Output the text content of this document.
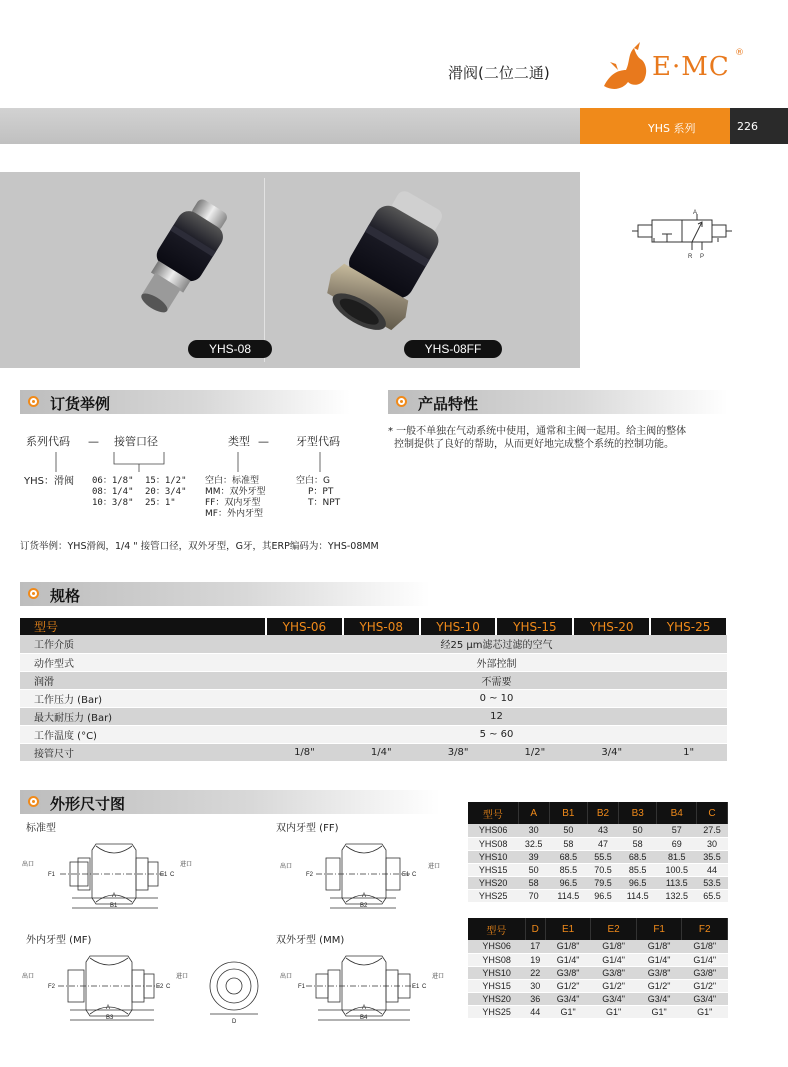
滑阀(二位二通)	E·MC ®
YHS 系列	226
YHS-08	YHS-08FF
A
R P
订货举例
系列代码 — 接管口径	类型 — 牙型代码
YHS：滑阀 06：1/8"
08：1/4"
10：3/8"
15：1/2"
20：3/4"
25：1"
空白：标准型
MM：双外牙型
FF：双内牙型
MF：外内牙型
空白：G
P：PT
T：NPT
订货举例：YHS滑阀，1/4 " 接管口径，双外牙型，G牙，其ERP编码为：YHS-08MM
产品特性
* 一般不单独在气动系统中使用，通常和主阀一起用。给主阀的整体
控制提供了良好的帮助，从而更好地完成整个系统的控制功能。
规格
型号	YHS-06	YHS-08	YHS-10	YHS-15	YHS-20	YHS-25
工作介质	经25 μm滤芯过滤的空气					
动作型式	外部控制					
润滑	不需要					
工作压力 (Bar)	0 ~ 10					
最大耐压力 (Bar)	12					
工作温度 (°C)	5 ~ 60					
接管尺寸	1/8"	1/4"	3/8"	1/2"	3/4"	1"
外形尺寸图
标准型	双内牙型 (FF)
外内牙型 (MF)	双外牙型 (MM)
出口	进口
A
B1
F1	E1 C
出口	进口
A
B2
F2	E1 C
出口	进口
A
B3
F2	E2 C
D
出口	进口
A
B4
F1	E1 C
型号	A	B1	B2	B3	B4	C
YHS06	30	50	43	50	57	27.5
YHS08	32.5	58	47	58	69	30
YHS10	39	68.5	55.5	68.5	81.5	35.5
YHS15	50	85.5	70.5	85.5	100.5	44
YHS20	58	96.5	79.5	96.5	113.5	53.5
YHS25	70	114.5	96.5	114.5	132.5	65.5
型号	D	E1	E2	F1	F2
YHS06	17	G1/8"	G1/8"	G1/8"	G1/8"
YHS08	19	G1/4"	G1/4"	G1/4"	G1/4"
YHS10	22	G3/8"	G3/8"	G3/8"	G3/8"
YHS15	30	G1/2"	G1/2"	G1/2"	G1/2"
YHS20	36	G3/4"	G3/4"	G3/4"	G3/4"
YHS25	44	G1"	G1"	G1"	G1"
